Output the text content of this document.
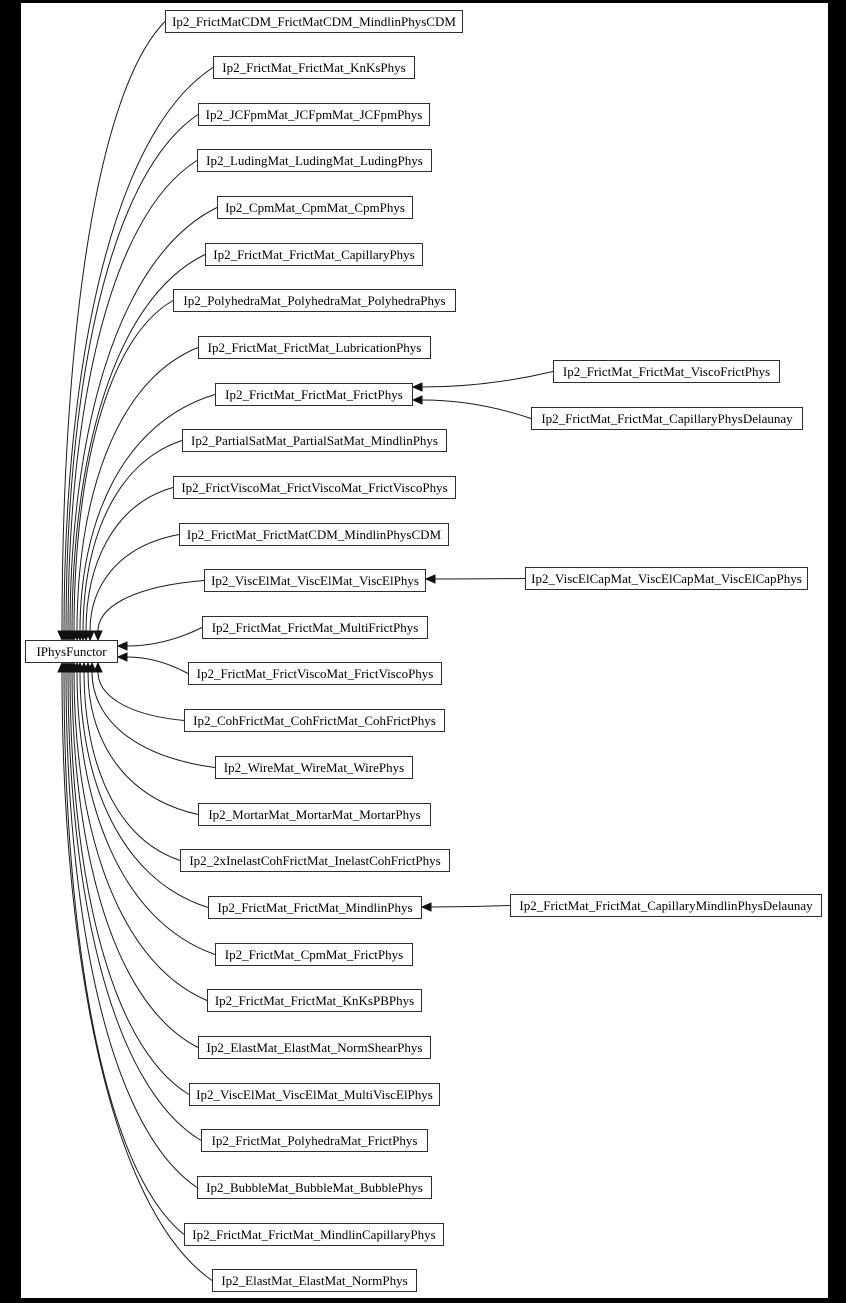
IPhysFunctor
Ip2_FrictMatCDM_FrictMatCDM_MindlinPhysCDM
Ip2_FrictMat_FrictMat_KnKsPhys
Ip2_JCFpmMat_JCFpmMat_JCFpmPhys
Ip2_LudingMat_LudingMat_LudingPhys
Ip2_CpmMat_CpmMat_CpmPhys
Ip2_FrictMat_FrictMat_CapillaryPhys
Ip2_PolyhedraMat_PolyhedraMat_PolyhedraPhys
Ip2_FrictMat_FrictMat_LubricationPhys
Ip2_FrictMat_FrictMat_FrictPhys
Ip2_PartialSatMat_PartialSatMat_MindlinPhys
Ip2_FrictViscoMat_FrictViscoMat_FrictViscoPhys
Ip2_FrictMat_FrictMatCDM_MindlinPhysCDM
Ip2_ViscElMat_ViscElMat_ViscElPhys
Ip2_FrictMat_FrictMat_MultiFrictPhys
Ip2_FrictMat_FrictViscoMat_FrictViscoPhys
Ip2_CohFrictMat_CohFrictMat_CohFrictPhys
Ip2_WireMat_WireMat_WirePhys
Ip2_MortarMat_MortarMat_MortarPhys
Ip2_2xInelastCohFrictMat_InelastCohFrictPhys
Ip2_FrictMat_FrictMat_MindlinPhys
Ip2_FrictMat_CpmMat_FrictPhys
Ip2_FrictMat_FrictMat_KnKsPBPhys
Ip2_ElastMat_ElastMat_NormShearPhys
Ip2_ViscElMat_ViscElMat_MultiViscElPhys
Ip2_FrictMat_PolyhedraMat_FrictPhys
Ip2_BubbleMat_BubbleMat_BubblePhys
Ip2_FrictMat_FrictMat_MindlinCapillaryPhys
Ip2_ElastMat_ElastMat_NormPhys
Ip2_FrictMat_FrictMat_ViscoFrictPhys
Ip2_FrictMat_FrictMat_CapillaryPhysDelaunay
Ip2_ViscElCapMat_ViscElCapMat_ViscElCapPhys
Ip2_FrictMat_FrictMat_CapillaryMindlinPhysDelaunay
